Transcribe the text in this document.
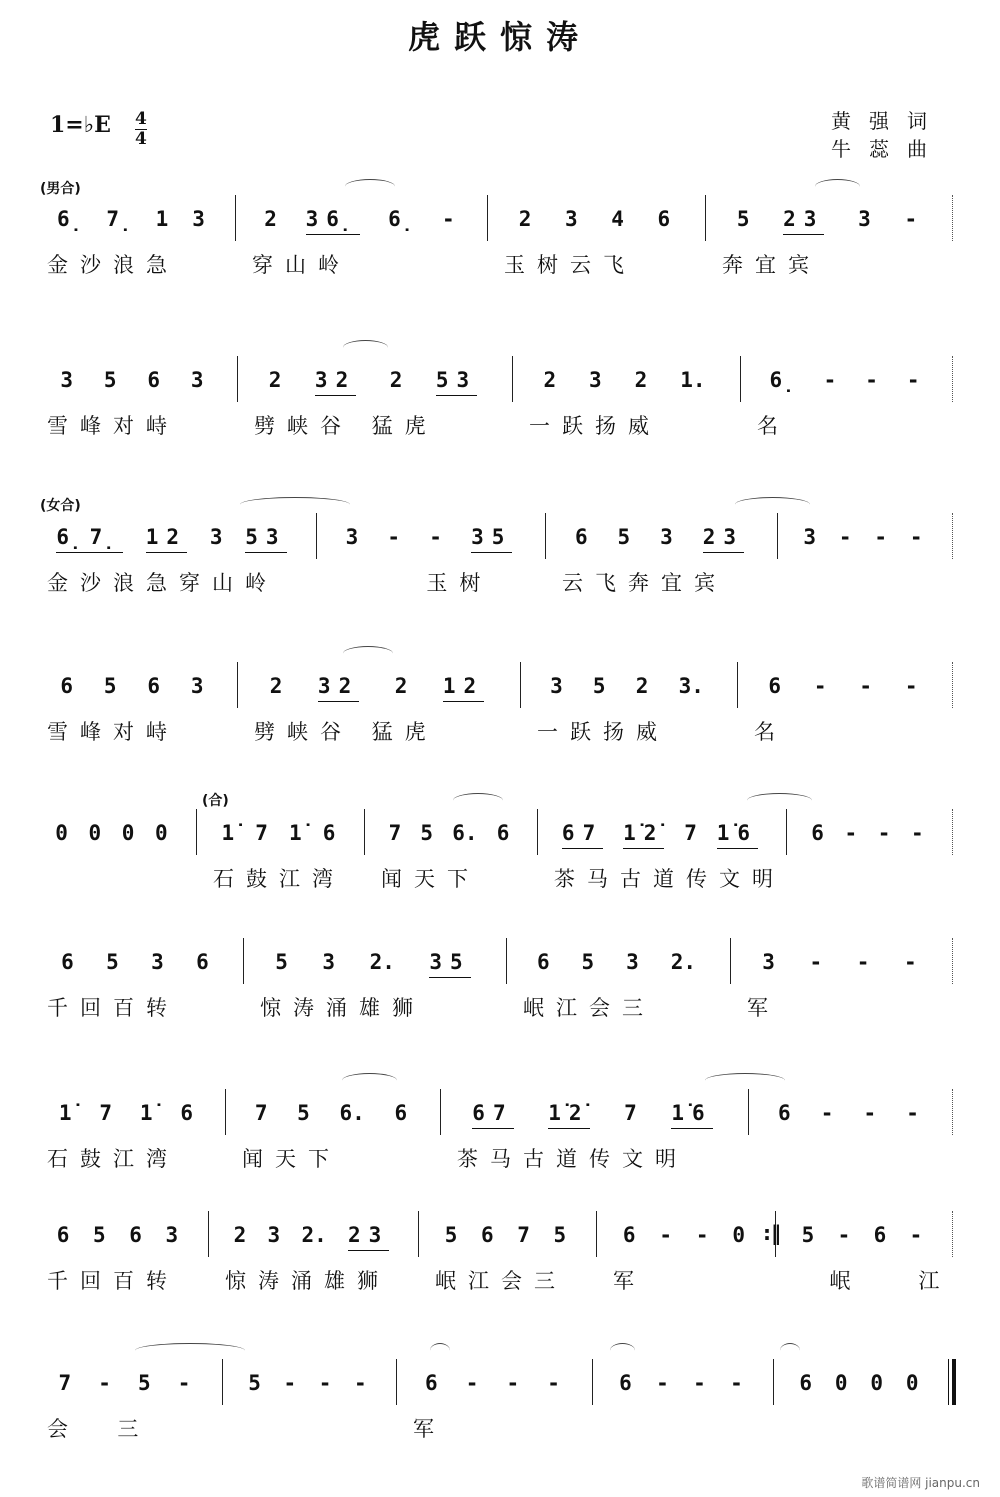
虎跃惊涛
1=♭E 4
4
黄强词
牛蕊曲
(男合)
6̣ 7̣ 1 3
金沙浪急
2 36̣ 6̣ -
穿山岭
2 3 4 6
玉树云飞
5 23 3 -
奔宜宾
3 5 6 3
雪峰对峙
2 32 2 53
劈峡谷 猛虎
2 3 2 1.
一跃扬威
6̣ - - -
名
(女合)
6̣7̣ 12 3 53
金沙浪急穿山岭
3 - - 35
玉树
6 5 3 23
云飞奔宜宾
3 - - -
6 5 6 3
雪峰对峙
2 32 2 12
劈峡谷 猛虎
3 5 2 3.
一跃扬威
6 - - -
名
(合)
0 0 0 0	1̇ 7 1̇ 6
石鼓江湾
7 5 6. 6
闻天下
67 1̇2̇ 7 1̇6
茶马古道传文明
6 - - -
6 5 3 6
千回百转
5 3 2. 35
惊涛涌雄狮
6 5 3 2.
岷江会三
3 - - -
军
1̇ 7 1̇ 6
石鼓江湾
7 5 6. 6
闻天下
67 1̇2̇ 7 1̇6
茶马古道传文明
6 - - -
6 5 6 3
千回百转
2 3 2. 23
惊涛涌雄狮
5 6 7 5
岷江会三
6 - - 0
军
:‖ 5 - 6 -
岷   江
7 - 5 -
会  三
5 - - -	6 - - -
军
6 - - -	6 0 0 0
歌谱简谱网 jianpu.cn
